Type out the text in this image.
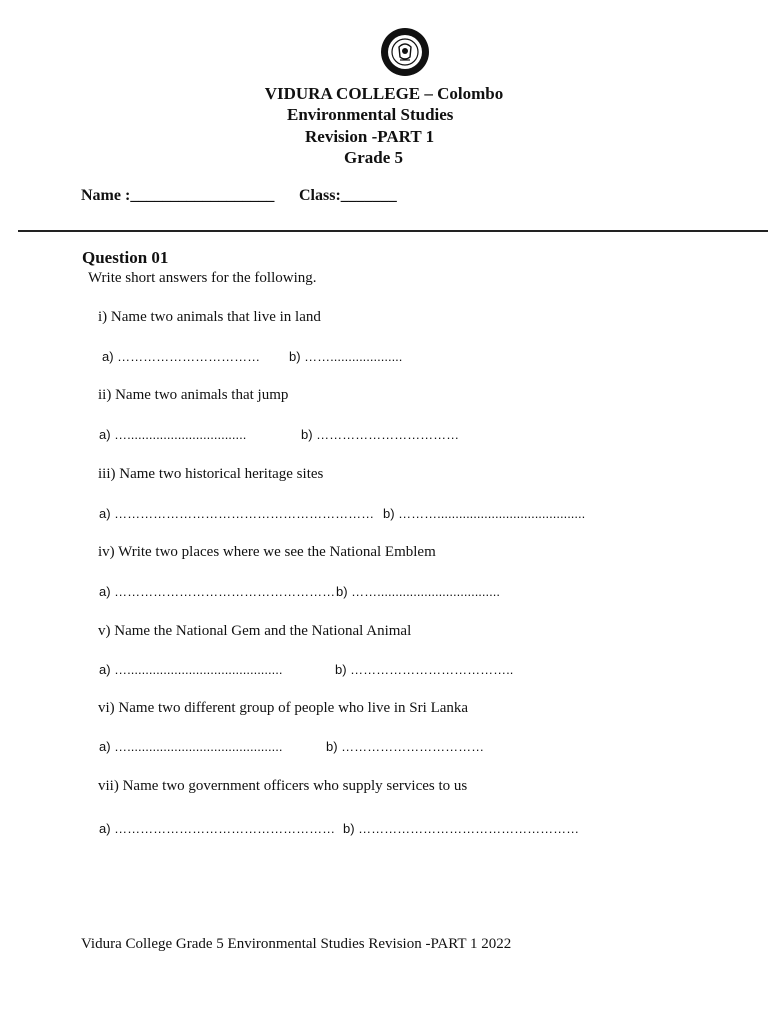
VIDURA COLLEGE – Colombo
Environmental Studies
Revision -PART 1
Grade 5
Name :__________________ Class:_______
Question 01
Write short answers for the following.
i) Name two animals that live in land
a) …………………………… b) ……....................
ii) Name two animals that jump
a) ….................................	b) ……………………………
iii) Name two historical heritage sites
a) …………………………………………………… b) ……….........................................
iv) Write two places where we see the National Emblem
a) …………………………………………… b) ……..................................
v) Name the National Gem and the National Animal
a) …...........................................	b) ………………………………..
vi) Name two different group of people who live in Sri Lanka
a) …...........................................	b) ……………………………
vii) Name two government officers who supply services to us
a) …………………………………………… b) ……………………………………………
Vidura College Grade 5 Environmental Studies Revision -PART 1 2022
